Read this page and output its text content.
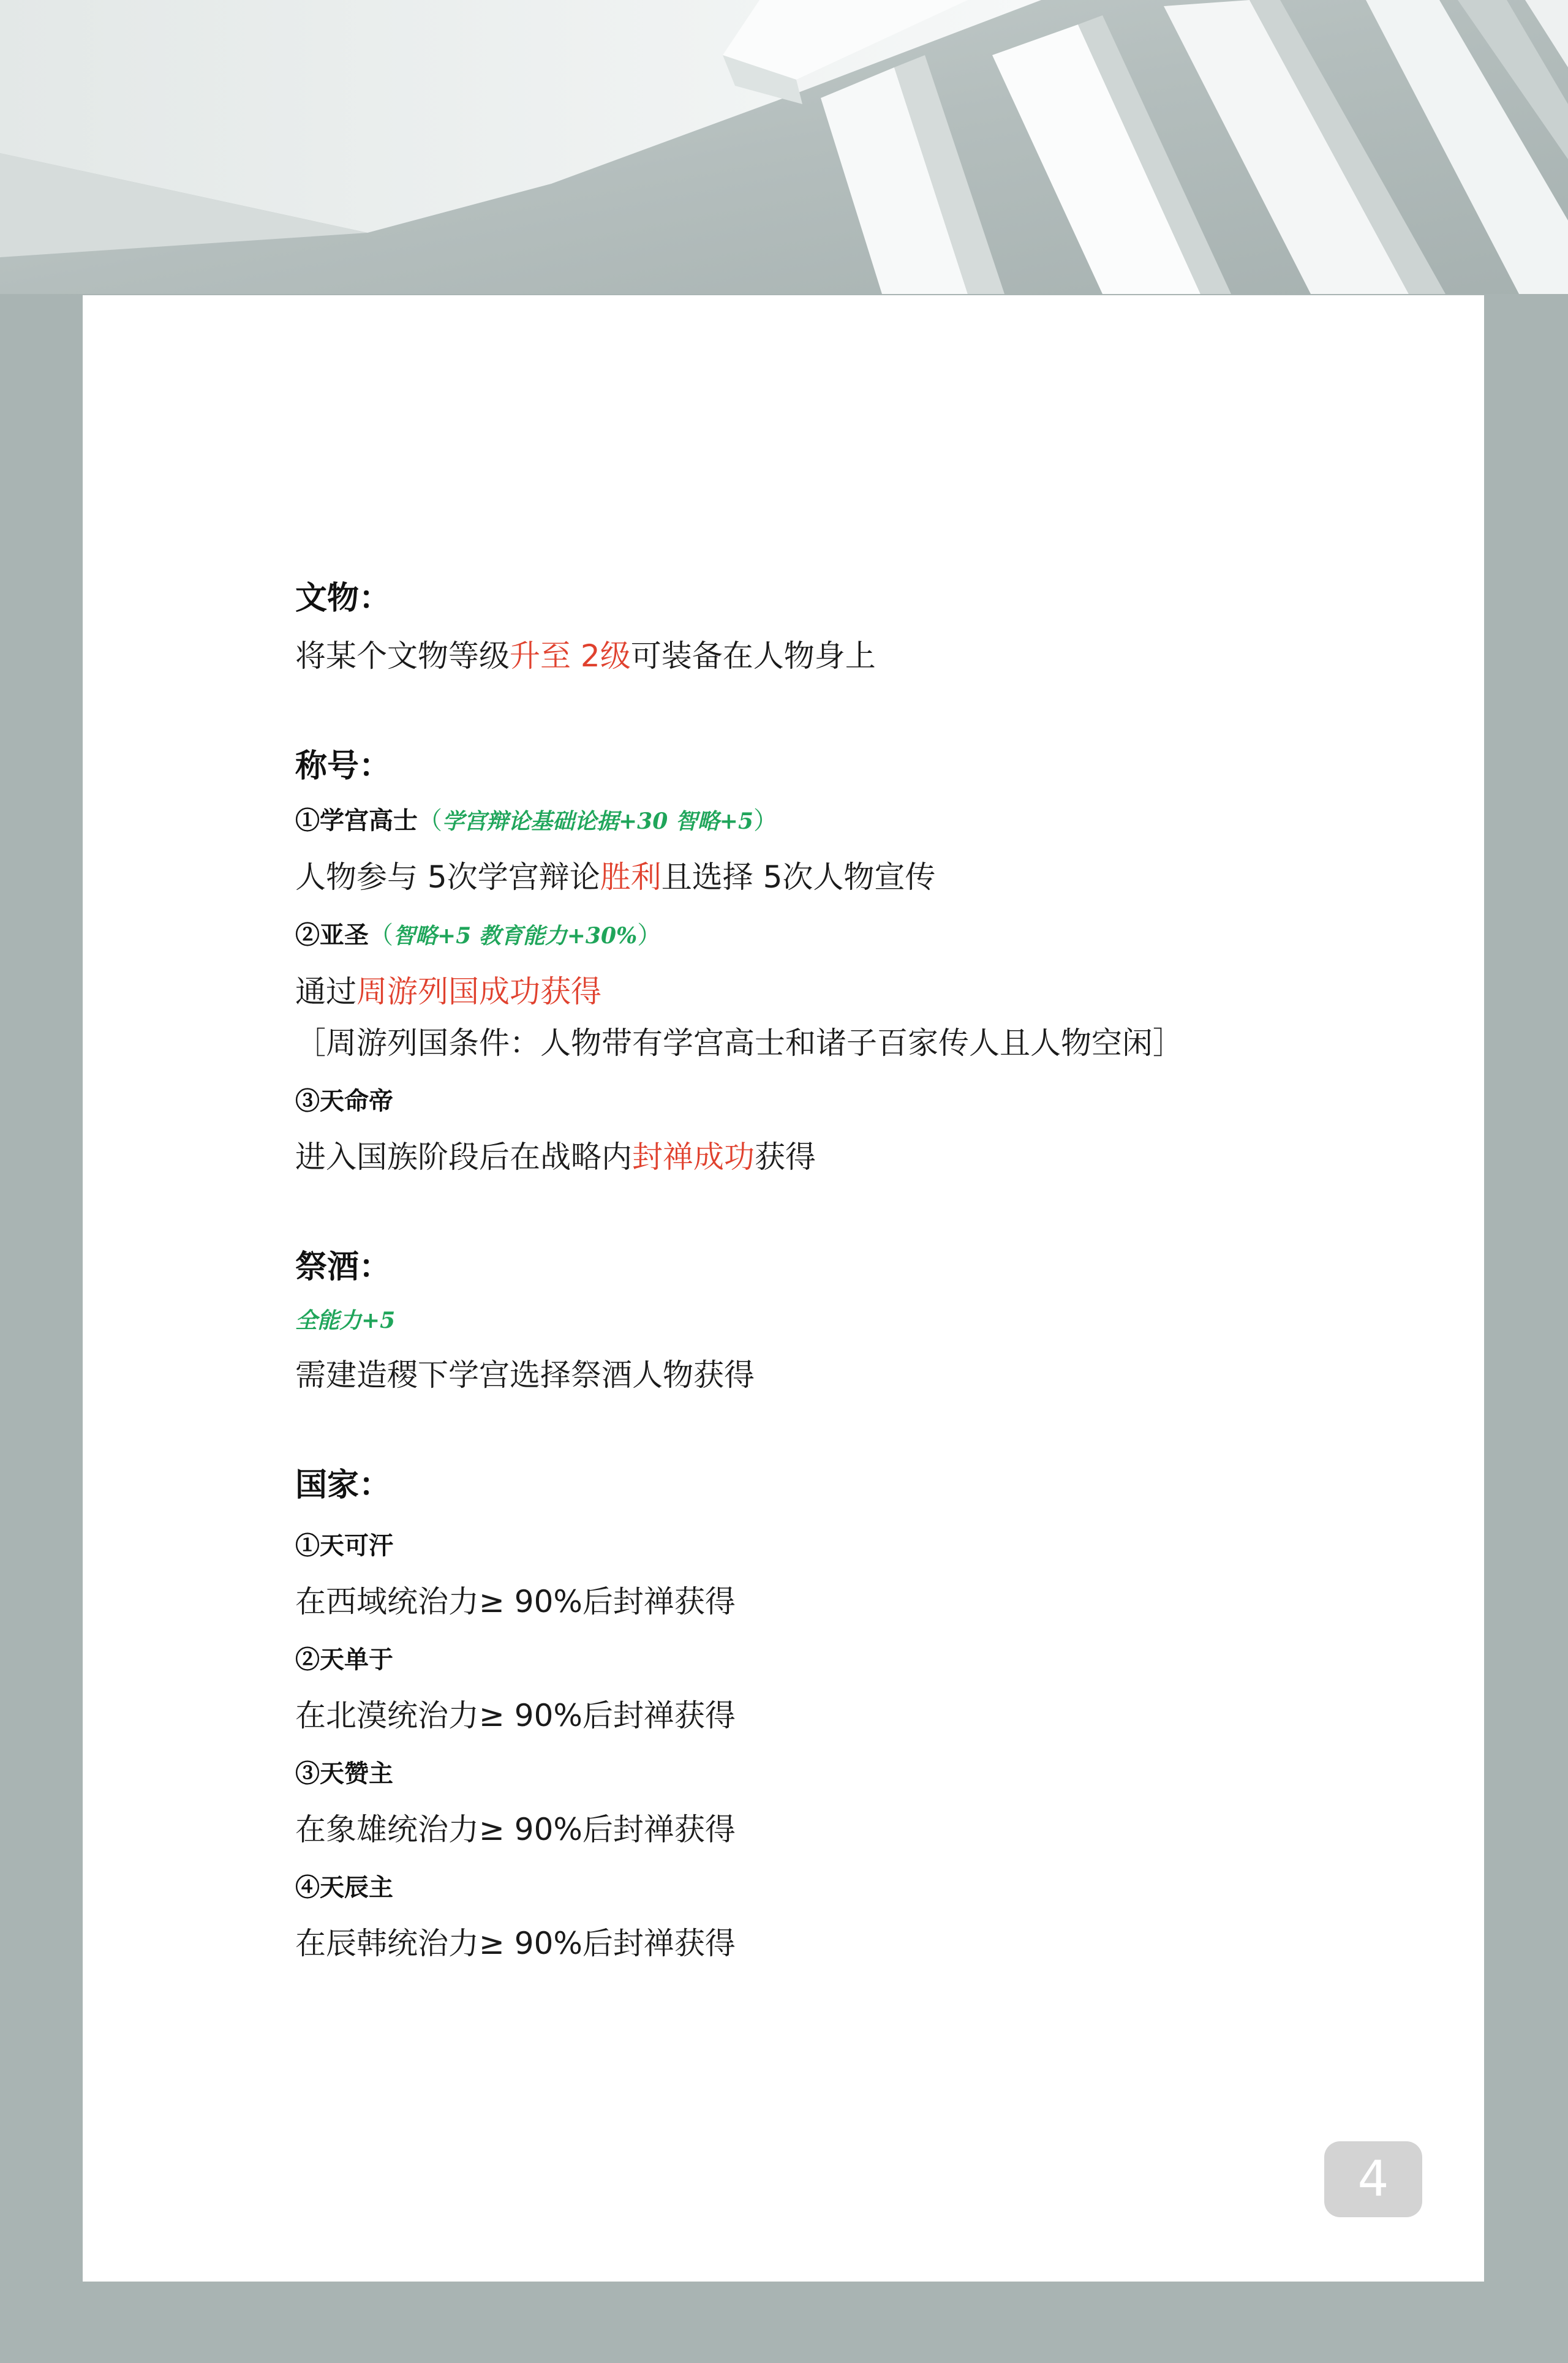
文物：
将某个文物等级升至 2级可装备在人物身上
称号：
①学宫高士（学宫辩论基础论据+30 智略+5）
人物参与 5次学宫辩论胜利且选择 5次人物宣传
②亚圣（智略+5 教育能力+30%）
通过周游列国成功获得
［周游列国条件：人物带有学宫高士和诸子百家传人且人物空闲］
③天命帝
进入国族阶段后在战略内封禅成功获得
祭酒：
全能力+5
需建造稷下学宫选择祭酒人物获得
国家：
①天可汗
在西域统治力≥ 90%后封禅获得
②天单于
在北漠统治力≥ 90%后封禅获得
③天赞主
在象雄统治力≥ 90%后封禅获得
④天辰主
在辰韩统治力≥ 90%后封禅获得
4
